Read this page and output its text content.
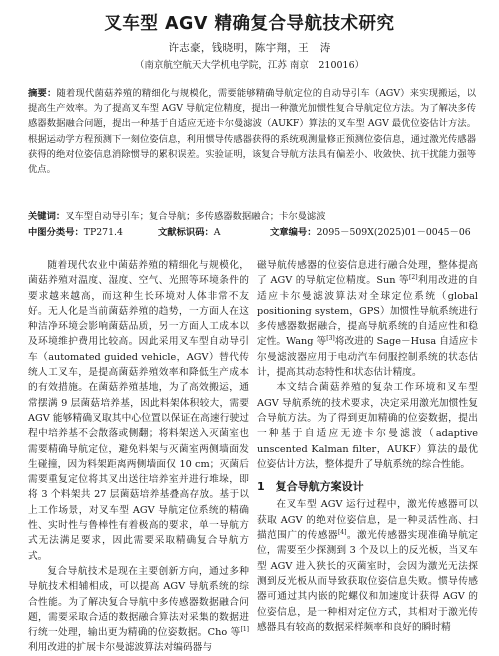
叉车型 AGV 精确复合导航技术研究
许志豪，钱晓明，陈宇翔，王　涛
（南京航空航天大学机电学院，江苏 南京　210016）
摘要：随着现代菌菇养殖的精细化与规模化，需要能够精确导航定位的自动导引车（AGV）来实现搬运，以提高生产效率。为了提高叉车型 AGV 导航定位精度，提出一种激光加惯性复合导航定位方法。为了解决多传感器数据融合问题，提出一种基于自适应无迹卡尔曼滤波（AUKF）算法的叉车型 AGV 最优位姿估计方法。根据运动学方程预测下一刻位姿信息，利用惯导传感器获得的系统观测量修正预测位姿信息，通过激光传感器获得的绝对位姿信息消除惯导的累积误差。实验证明，该复合导航方法具有偏差小、收敛快、抗干扰能力强等优点。
关键词：叉车型自动导引车；复合导航；多传感器数据融合；卡尔曼滤波
中图分类号：TP271.4	文献标识码：A	文章编号：2095－509X(2025)01－0045－06

随着现代农业中菌菇养殖的精细化与规模化，菌菇养殖对温度、湿度、空气、光照等环境条件的要求越来越高，而这种生长环境对人体非常不友好。无人化是当前菌菇养殖的趋势，一方面人在这种洁净环境会影响菌菇品质，另一方面人工成本以及环境维护费用比较高。因此采用叉车型自动导引车（automated guided vehicle，AGV）替代传统人工叉车，是提高菌菇养殖效率和降低生产成本的有效措施。在菌菇养殖基地，为了高效搬运，通常摆满 9 层菌菇培养基，因此料架体积较大，需要 AGV 能够精确叉取其中心位置以保证在高速行驶过程中培养基不会散落或侧翻；将料架送入灭菌室也需要精确导航定位，避免料架与灭菌室两侧墙面发生碰撞，因为料架距离两侧墙面仅 10 cm；灭菌后需要重复定位将其叉出送往培养室并进行堆垛，即将 3 个料架共 27 层菌菇培养基叠高存放。基于以上工作场景，对叉车型 AGV 导航定位系统的精确性、实时性与鲁棒性有着极高的要求，单一导航方式无法满足要求，因此需要采取精确复合导航方式。

复合导航技术是现在主要创新方向，通过多种导航技术相辅相成，可以提高 AGV 导航系统的综合性能。为了解决复合导航中多传感器数据融合问题，需要采取合适的数据融合算法对采集的数据进行统一处理，输出更为精确的位姿数据。Cho 等[1]利用改进的扩展卡尔曼滤波算法对编码器与

磁导航传感器的位姿信息进行融合处理，整体提高了 AGV 的导航定位精度。Sun 等[2]利用改进的自适应卡尔曼滤波算法对全球定位系统（global positioning system，GPS）加惯性导航系统进行多传感器数据融合，提高导航系统的自适应性和稳定性。Wang 等[3]将改进的 Sage－Husa 自适应卡尔曼滤波器应用于电动汽车伺服控制系统的状态估计，提高其动态特性和状态估计精度。

本文结合菌菇养殖的复杂工作环境和叉车型 AGV 导航系统的技术要求，决定采用激光加惯性复合导航方法。为了得到更加精确的位姿数据，提出一种基于自适应无迹卡尔曼滤波（adaptive unscented Kalman filter，AUKF）算法的最优位姿估计方法，整体提升了导航系统的综合性能。

1　 复合导航方案设计

在叉车型 AGV 运行过程中，激光传感器可以获取 AGV 的绝对位姿信息，是一种灵活性高、扫描范围广的传感器[4]。激光传感器实现准确导航定位，需要至少探测到 3 个及以上的反光板，当叉车型 AGV 进入狭长的灭菌室时，会因为激光无法探测到反光板从而导致获取位姿信息失败。惯导传感器可通过其内嵌的陀螺仪和加速度计获得 AGV 的位姿信息，是一种相对定位方式，其相对于激光传感器具有较高的数据采样频率和良好的瞬时精
